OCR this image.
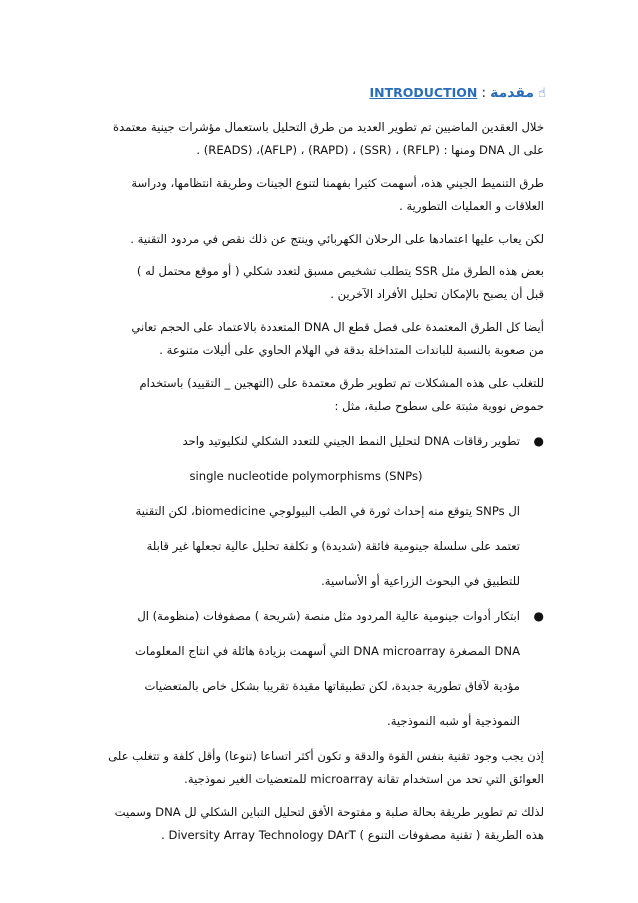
☝مقدمة:INTRODUCTION

خلال العقدين الماضيين تم تطوير العديد من طرق التحليل باستعمال مؤشرات جينية معتمدة

على ال DNA ومنها : (RFLP) ، (SSR) ، (RAPD) ، (AFLP)، (READS) .

طرق التنميط الجيني هذه، أسهمت كثيرا بفهمنا لتنوع الجينات وطريقة انتظامها، ودراسة

العلاقات و العمليات التطورية .

لكن يعاب عليها اعتمادها على الرحلان الكهربائي وينتج عن ذلك نقص في مردود التقنية .

بعض هذه الطرق مثل SSR يتطلب تشخيص مسبق لتعدد شكلي ( أو موقع محتمل له )

قبل أن يصبح بالإمكان تحليل الأفراد الآخرين .

أيضا كل الطرق المعتمدة على فصل قطع ال DNA المتعددة بالاعتماد على الحجم تعاني

من صعوبة بالنسبة للباندات المتداخلة بدقة في الهلام الحاوي على أليلات متنوعة .

للتغلب على هذه المشكلات تم تطوير طرق معتمدة على (التهجين _ التقييد) باستخدام

حموض نووية مثبتة على سطوح صلبة، مثل :

●

تطوير رقاقات DNA لتحليل النمط الجيني للتعدد الشكلي لنكليوتيد واحد

single nucleotide polymorphisms (SNPs)

ال SNPs يتوقع منه إحداث ثورة في الطب البيولوجي biomedicine، لكن التقنية

تعتمد على سلسلة جينومية فائقة (شديدة) و تكلفة تحليل عالية تجعلها غير قابلة

للتطبيق في البحوث الزراعية أو الأساسية.

●

ابتكار أدوات جينومية عالية المردود مثل منصة (شريحة ) مصفوفات (منظومة) ال

DNA المصغرة DNA microarray التي أسهمت بزيادة هائلة في انتاج المعلومات

مؤدية لآفاق تطورية جديدة، لكن تطبيقاتها مقيدة تقريبا بشكل خاص بالمتعضيات

النموذجية أو شبه النموذجية.

إذن يجب وجود تقنية بنفس القوة والدقة و تكون أكثر اتساعا (تنوعا) وأقل كلفة و تتغلب على

العوائق التي تحد من استخدام تقانة microarray للمتعضيات الغير نموذجية.

لذلك تم تطوير طريقة بحالة صلبة و مفتوحة الأفق لتحليل التباين الشكلي لل DNA وسميت

هذه الطريقة ( تقنية مصفوفات التنوع ) Diversity Array Technology DArT .
